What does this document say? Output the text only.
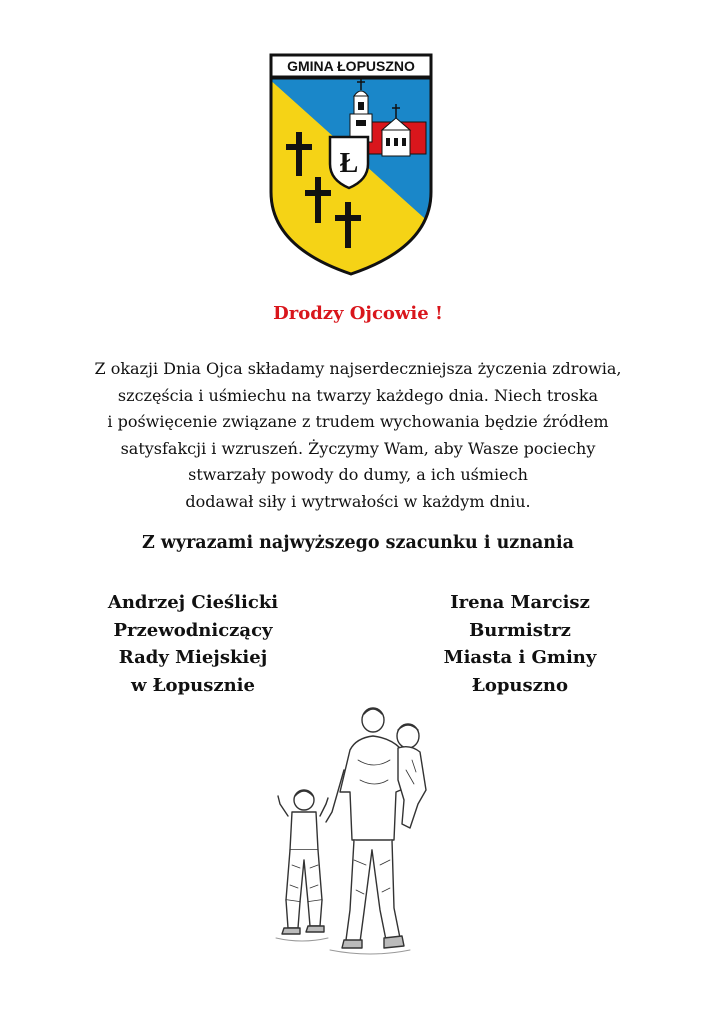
GMINA ŁOPUSZNO
Ł
Drodzy Ojcowie !
Z okazji Dnia Ojca składamy najserdeczniejsza życzenia zdrowia,
szczęścia i uśmiechu na twarzy każdego dnia. Niech troska
i poświęcenie związane z trudem wychowania będzie źródłem
satysfakcji i wzruszeń. Życzymy Wam, aby Wasze pociechy
stwarzały powody do dumy, a ich uśmiech
dodawał siły i wytrwałości w każdym dniu.
Z wyrazami najwyższego szacunku i uznania
Andrzej Cieślicki
Przewodniczący
Rady Miejskiej
w Łopusznie
Irena Marcisz
Burmistrz
Miasta i Gminy
Łopuszno
